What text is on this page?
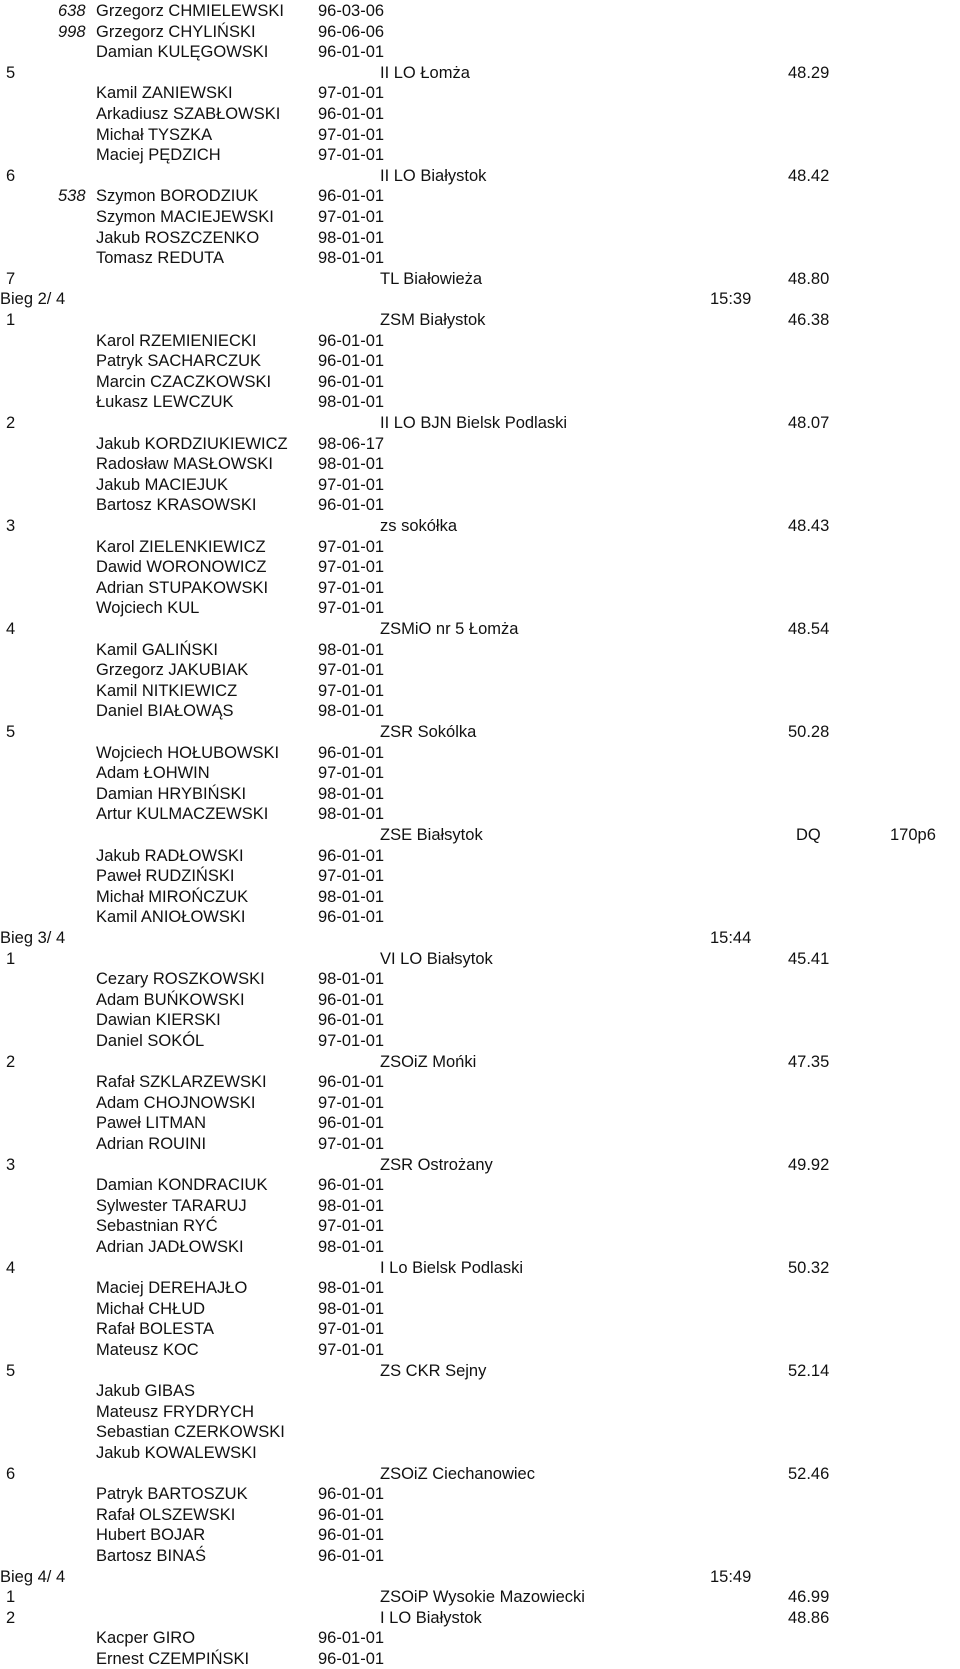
638 Grzegorz CHMIELEWSKI 96-03-06
998 Grzegorz CHYLIŃSKI	96-06-06
Damian KULĘGOWSKI	96-01-01
5	II LO Łomża	48.29
Kamil ZANIEWSKI	97-01-01
Arkadiusz SZABŁOWSKI 96-01-01
Michał TYSZKA	97-01-01
Maciej PĘDZICH	97-01-01
6	II LO Białystok	48.42
538 Szymon BORODZIUK	96-01-01
Szymon MACIEJEWSKI	97-01-01
Jakub ROSZCZENKO	98-01-01
Tomasz REDUTA	98-01-01
7	TL Białowieża	48.80
Bieg 2/ 4	15:39
1	ZSM Białystok	46.38
Karol RZEMIENIECKI	96-01-01
Patryk SACHARCZUK	96-01-01
Marcin CZACZKOWSKI	96-01-01
Łukasz LEWCZUK	98-01-01
2	II LO BJN Bielsk Podlaski	48.07
Jakub KORDZIUKIEWICZ 98-06-17
Radosław MASŁOWSKI	98-01-01
Jakub MACIEJUK	97-01-01
Bartosz KRASOWSKI	96-01-01
3	zs sokółka	48.43
Karol ZIELENKIEWICZ	97-01-01
Dawid WORONOWICZ	97-01-01
Adrian STUPAKOWSKI	97-01-01
Wojciech KUL	97-01-01
4	ZSMiO nr 5 Łomża	48.54
Kamil GALIŃSKI	98-01-01
Grzegorz JAKUBIAK	97-01-01
Kamil NITKIEWICZ	97-01-01
Daniel BIAŁOWĄS	98-01-01
5	ZSR Sokólka	50.28
Wojciech HOŁUBOWSKI 96-01-01
Adam ŁOHWIN	97-01-01
Damian HRYBIŃSKI	98-01-01
Artur KULMACZEWSKI	98-01-01
ZSE Białsytok	DQ	170p6
Jakub RADŁOWSKI	96-01-01
Paweł RUDZIŃSKI	97-01-01
Michał MIROŃCZUK	98-01-01
Kamil ANIOŁOWSKI	96-01-01
Bieg 3/ 4	15:44
1	VI LO Białsytok	45.41
Cezary ROSZKOWSKI	98-01-01
Adam BUŃKOWSKI	96-01-01
Dawian KIERSKI	96-01-01
Daniel SOKÓL	97-01-01
2	ZSOiZ Mońki	47.35
Rafał SZKLARZEWSKI	96-01-01
Adam CHOJNOWSKI	97-01-01
Paweł LITMAN	96-01-01
Adrian ROUINI	97-01-01
3	ZSR Ostrożany	49.92
Damian KONDRACIUK	96-01-01
Sylwester TARARUJ	98-01-01
Sebastnian RYĆ	97-01-01
Adrian JADŁOWSKI	98-01-01
4	I Lo Bielsk Podlaski	50.32
Maciej DEREHAJŁO	98-01-01
Michał CHŁUD	98-01-01
Rafał BOLESTA	97-01-01
Mateusz KOC	97-01-01
5	ZS CKR Sejny	52.14
Jakub GIBAS
Mateusz FRYDRYCH
Sebastian CZERKOWSKI
Jakub KOWALEWSKI
6	ZSOiZ Ciechanowiec	52.46
Patryk BARTOSZUK	96-01-01
Rafał OLSZEWSKI	96-01-01
Hubert BOJAR	96-01-01
Bartosz BINAŚ	96-01-01
Bieg 4/ 4	15:49
1	ZSOiP Wysokie Mazowiecki	46.99
2	I LO Białystok	48.86
Kacper GIRO	96-01-01
Ernest CZEMPIŃSKI	96-01-01
